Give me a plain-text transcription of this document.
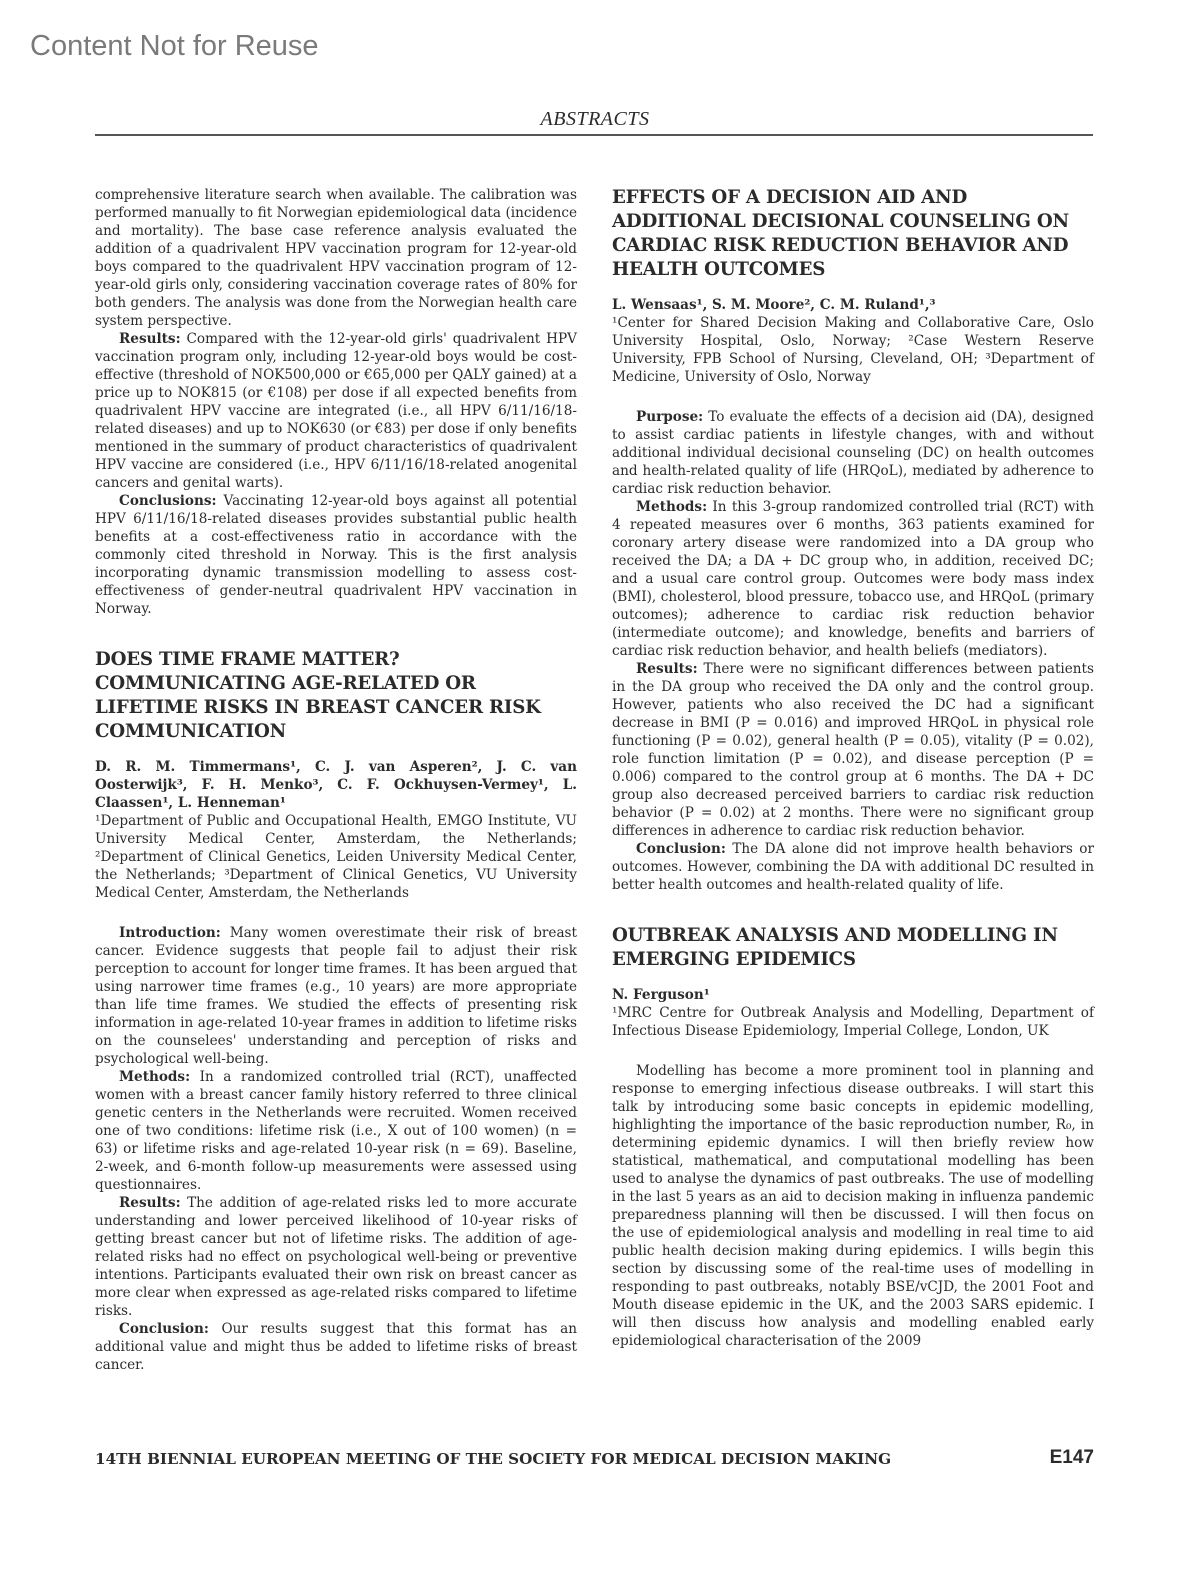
Content Not for Reuse
ABSTRACTS

comprehensive literature search when available. The calibration was performed manually to fit Norwegian epidemiological data (incidence and mortality). The base case reference analysis evaluated the addition of a quadrivalent HPV vaccination program for 12-year-old boys compared to the quadrivalent HPV vaccination program of 12-year-old girls only, considering vaccination coverage rates of 80% for both genders. The analysis was done from the Norwegian health care system perspective.

Results: Compared with the 12-year-old girls' quadrivalent HPV vaccination program only, including 12-year-old boys would be cost-effective (threshold of NOK500,000 or €65,000 per QALY gained) at a price up to NOK815 (or €108) per dose if all expected benefits from quadrivalent HPV vaccine are integrated (i.e., all HPV 6/11/16/18-related diseases) and up to NOK630 (or €83) per dose if only benefits mentioned in the summary of product characteristics of quadrivalent HPV vaccine are considered (i.e., HPV 6/11/16/18-related anogenital cancers and genital warts).

Conclusions: Vaccinating 12-year-old boys against all potential HPV 6/11/16/18-related diseases provides substantial public health benefits at a cost-effectiveness ratio in accordance with the commonly cited threshold in Norway. This is the first analysis incorporating dynamic transmission modelling to assess cost-effectiveness of gender-neutral quadrivalent HPV vaccination in Norway.

DOES TIME FRAME MATTER? COMMUNICATING AGE-RELATED OR LIFETIME RISKS IN BREAST CANCER RISK COMMUNICATION

D. R. M. Timmermans¹, C. J. van Asperen², J. C. van Oosterwijk³, F. H. Menko³, C. F. Ockhuysen-Vermey¹, L. Claassen¹, L. Henneman¹

¹Department of Public and Occupational Health, EMGO Institute, VU University Medical Center, Amsterdam, the Netherlands; ²Department of Clinical Genetics, Leiden University Medical Center, the Netherlands; ³Department of Clinical Genetics, VU University Medical Center, Amsterdam, the Netherlands

Introduction: Many women overestimate their risk of breast cancer. Evidence suggests that people fail to adjust their risk perception to account for longer time frames. It has been argued that using narrower time frames (e.g., 10 years) are more appropriate than life time frames. We studied the effects of presenting risk information in age-related 10-year frames in addition to lifetime risks on the counselees' understanding and perception of risks and psychological well-being.

Methods: In a randomized controlled trial (RCT), unaffected women with a breast cancer family history referred to three clinical genetic centers in the Netherlands were recruited. Women received one of two conditions: lifetime risk (i.e., X out of 100 women) (n = 63) or lifetime risks and age-related 10-year risk (n = 69). Baseline, 2-week, and 6-month follow-up measurements were assessed using questionnaires.

Results: The addition of age-related risks led to more accurate understanding and lower perceived likelihood of 10-year risks of getting breast cancer but not of lifetime risks. The addition of age-related risks had no effect on psychological well-being or preventive intentions. Participants evaluated their own risk on breast cancer as more clear when expressed as age-related risks compared to lifetime risks.

Conclusion: Our results suggest that this format has an additional value and might thus be added to lifetime risks of breast cancer.

EFFECTS OF A DECISION AID AND ADDITIONAL DECISIONAL COUNSELING ON CARDIAC RISK REDUCTION BEHAVIOR AND HEALTH OUTCOMES

L. Wensaas¹, S. M. Moore², C. M. Ruland¹,³

¹Center for Shared Decision Making and Collaborative Care, Oslo University Hospital, Oslo, Norway; ²Case Western Reserve University, FPB School of Nursing, Cleveland, OH; ³Department of Medicine, University of Oslo, Norway

Purpose: To evaluate the effects of a decision aid (DA), designed to assist cardiac patients in lifestyle changes, with and without additional individual decisional counseling (DC) on health outcomes and health-related quality of life (HRQoL), mediated by adherence to cardiac risk reduction behavior.

Methods: In this 3-group randomized controlled trial (RCT) with 4 repeated measures over 6 months, 363 patients examined for coronary artery disease were randomized into a DA group who received the DA; a DA + DC group who, in addition, received DC; and a usual care control group. Outcomes were body mass index (BMI), cholesterol, blood pressure, tobacco use, and HRQoL (primary outcomes); adherence to cardiac risk reduction behavior (intermediate outcome); and knowledge, benefits and barriers of cardiac risk reduction behavior, and health beliefs (mediators).

Results: There were no significant differences between patients in the DA group who received the DA only and the control group. However, patients who also received the DC had a significant decrease in BMI (P = 0.016) and improved HRQoL in physical role functioning (P = 0.02), general health (P = 0.05), vitality (P = 0.02), role function limitation (P = 0.02), and disease perception (P = 0.006) compared to the control group at 6 months. The DA + DC group also decreased perceived barriers to cardiac risk reduction behavior (P = 0.02) at 2 months. There were no significant group differences in adherence to cardiac risk reduction behavior.

Conclusion: The DA alone did not improve health behaviors or outcomes. However, combining the DA with additional DC resulted in better health outcomes and health-related quality of life.

OUTBREAK ANALYSIS AND MODELLING IN EMERGING EPIDEMICS

N. Ferguson¹

¹MRC Centre for Outbreak Analysis and Modelling, Department of Infectious Disease Epidemiology, Imperial College, London, UK

Modelling has become a more prominent tool in planning and response to emerging infectious disease outbreaks. I will start this talk by introducing some basic concepts in epidemic modelling, highlighting the importance of the basic reproduction number, R₀, in determining epidemic dynamics. I will then briefly review how statistical, mathematical, and computational modelling has been used to analyse the dynamics of past outbreaks. The use of modelling in the last 5 years as an aid to decision making in influenza pandemic preparedness planning will then be discussed. I will then focus on the use of epidemiological analysis and modelling in real time to aid public health decision making during epidemics. I wills begin this section by discussing some of the real-time uses of modelling in responding to past outbreaks, notably BSE/vCJD, the 2001 Foot and Mouth disease epidemic in the UK, and the 2003 SARS epidemic. I will then discuss how analysis and modelling enabled early epidemiological characterisation of the 2009

14TH BIENNIAL EUROPEAN MEETING OF THE SOCIETY FOR MEDICAL DECISION MAKING	E147
